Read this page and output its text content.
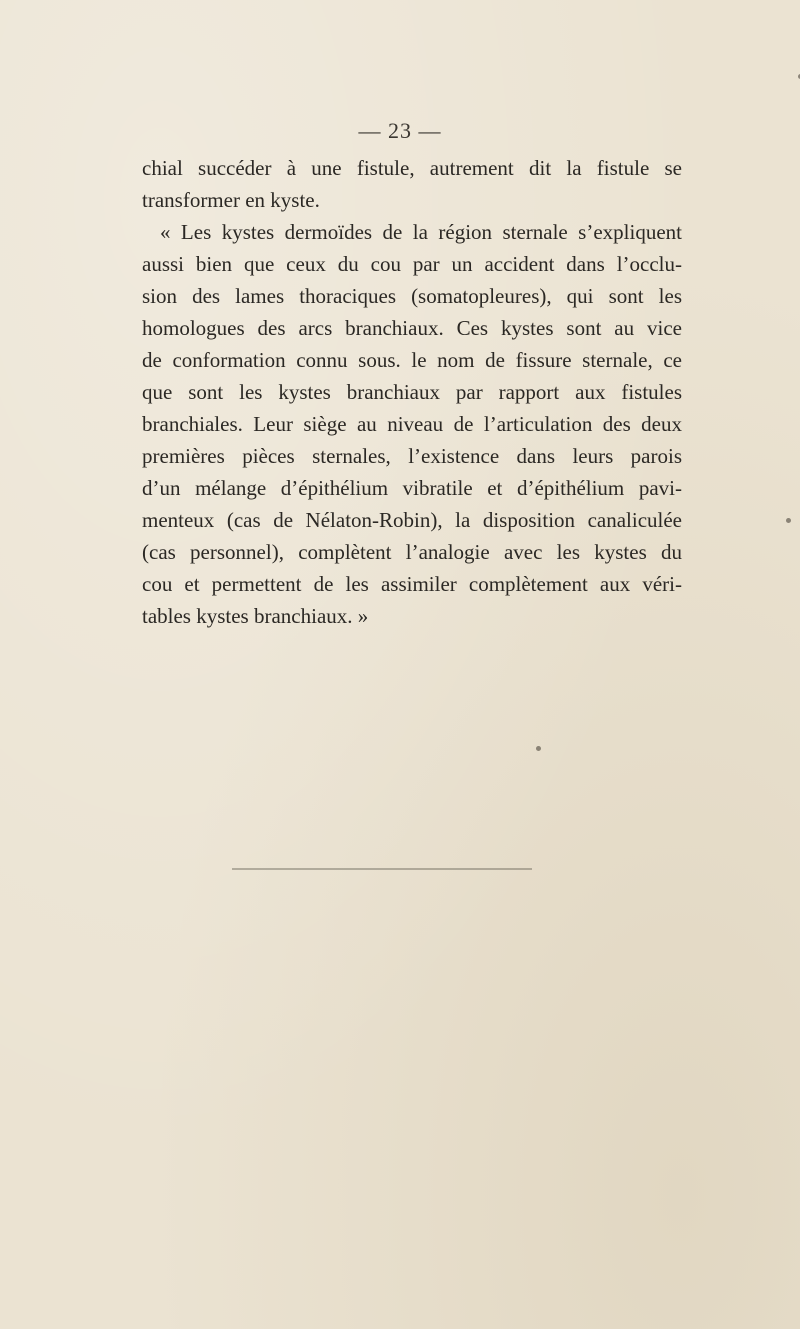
— 23 —
chial succéder à une fistule, autrement dit la fistule se
transformer en kyste.
« Les kystes dermoïdes de la région sternale s’expliquent
aussi bien que ceux du cou par un accident dans l’occlu-
sion des lames thoraciques (somatopleures), qui sont les
homologues des arcs branchiaux. Ces kystes sont au vice
de conformation connu sous. le nom de fissure sternale, ce
que sont les kystes branchiaux par rapport aux fistules
branchiales. Leur siège au niveau de l’articulation des deux
premières pièces sternales, l’existence dans leurs parois
d’un mélange d’épithélium vibratile et d’épithélium pavi-
menteux (cas de Nélaton-Robin), la disposition canaliculée
(cas personnel), complètent l’analogie avec les kystes du
cou et permettent de les assimiler complètement aux véri-
tables kystes branchiaux. »
